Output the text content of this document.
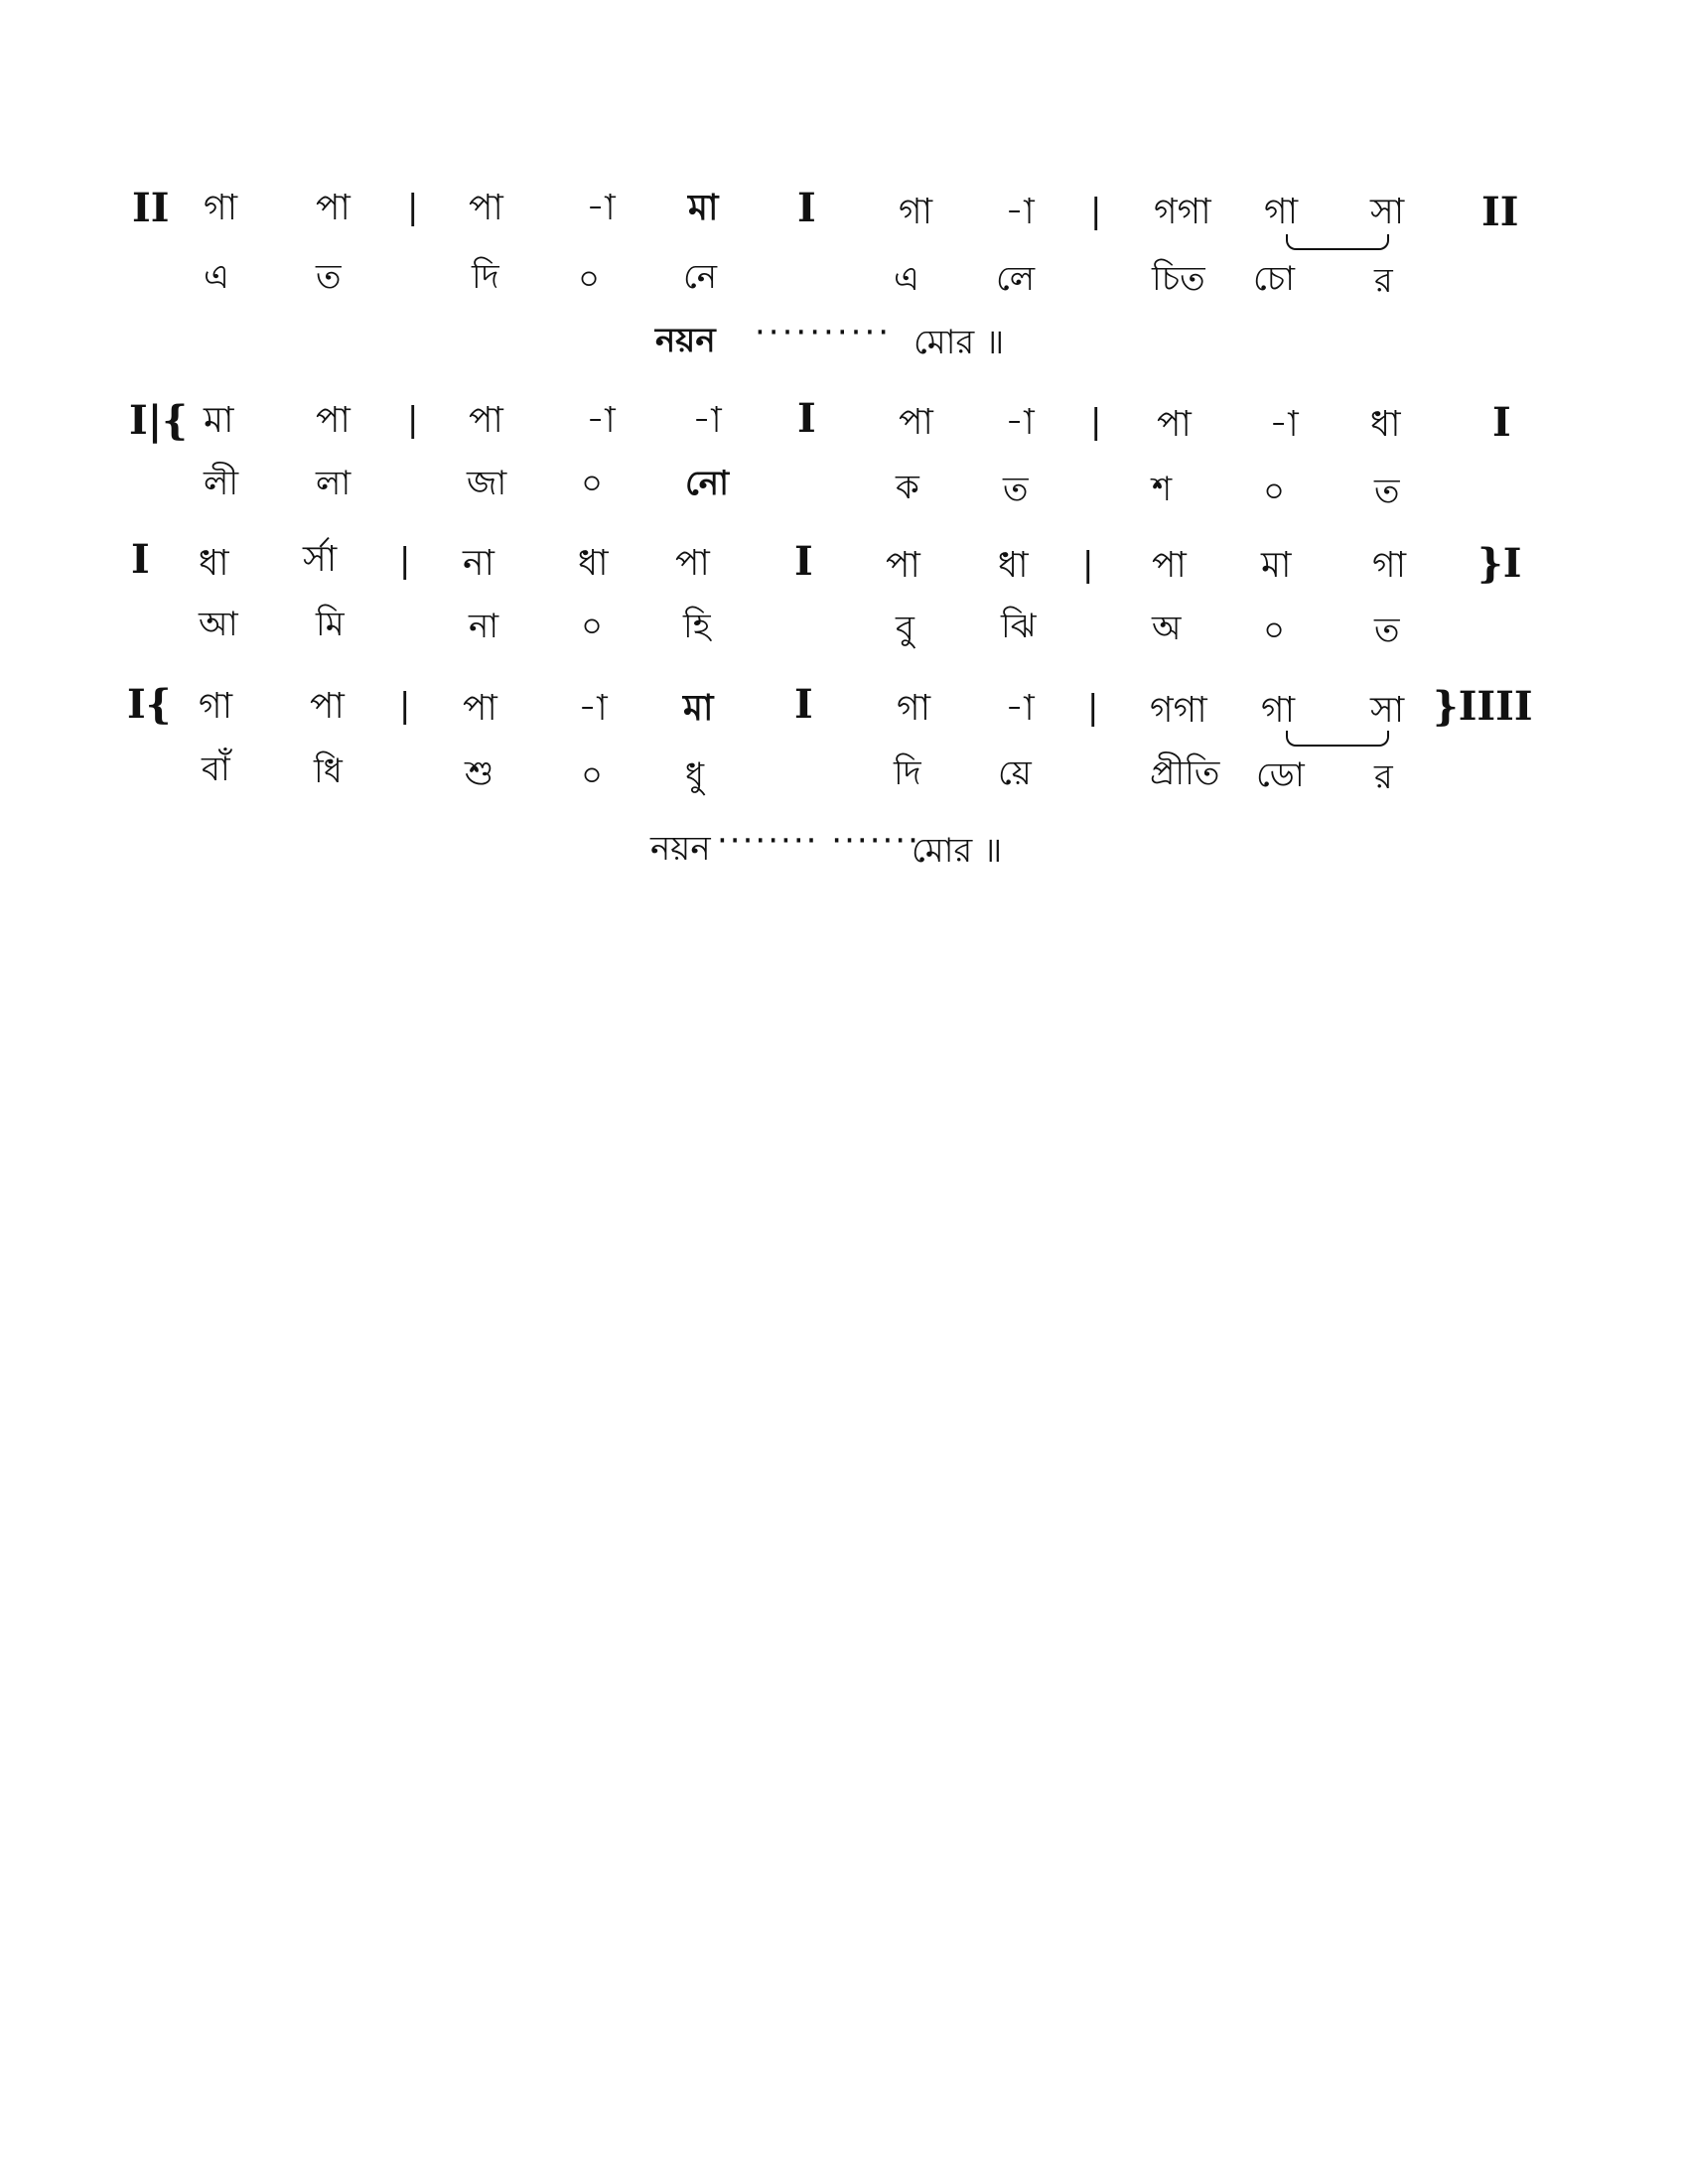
II গা পা | পা -া মা I গা -া | গগা গা সা II
এ	ত	দি ০ নে	এ লে	চিত চো র
নয়ন ·········· মোর ॥
I|{ মা পা | পা -া -া I পা -া | পা -া ধা I
লী লা	জা ০ নো	ক ত	শ	০	ত
I ধা র্সা | না ধা পা I পা ধা | পা মা গা }I
আ মি	না ০ হি	বু	ঝি	অ ০	ত
I{ গা পা | পা -া মা I গা -া | গগা গা সা }IIII
বাঁ ধি	শু	০ ধু	দি য়ে	প্রীতি ডো র
নয়ন ········ ·······
মোর ॥
